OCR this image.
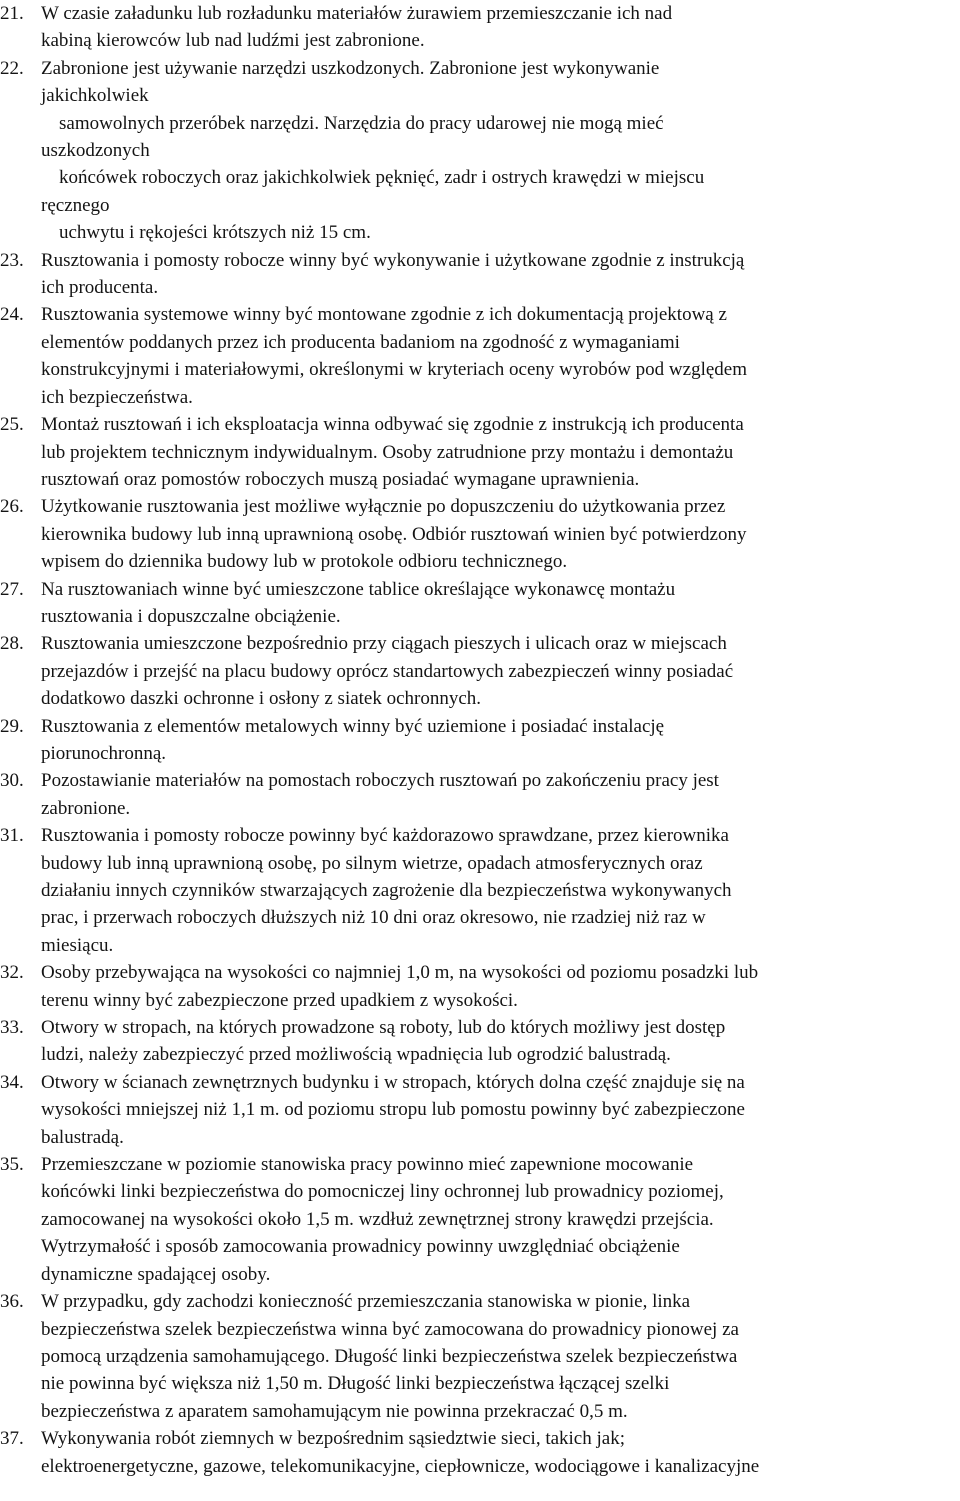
21. W czasie załadunku lub rozładunku materiałów żurawiem przemieszczanie ich nad
kabiną kierowców lub nad ludźmi jest zabronione.
22. Zabronione jest używanie narzędzi uszkodzonych. Zabronione jest wykonywanie
jakichkolwiek
samowolnych przeróbek narzędzi. Narzędzia do pracy udarowej nie mogą mieć
uszkodzonych
końcówek roboczych oraz jakichkolwiek pęknięć, zadr i ostrych krawędzi w miejscu
ręcznego
uchwytu i rękojeści krótszych niż 15 cm.
23. Rusztowania i pomosty robocze winny być wykonywanie i użytkowane zgodnie z instrukcją
ich producenta.
24. Rusztowania systemowe winny być montowane zgodnie z ich dokumentacją projektową z
elementów poddanych przez ich producenta badaniom na zgodność z wymaganiami
konstrukcyjnymi i materiałowymi, określonymi w kryteriach oceny wyrobów pod względem
ich bezpieczeństwa.
25. Montaż rusztowań i ich eksploatacja winna odbywać się zgodnie z instrukcją ich producenta
lub projektem technicznym indywidualnym. Osoby zatrudnione przy montażu i demontażu
rusztowań oraz pomostów roboczych muszą posiadać wymagane uprawnienia.
26. Użytkowanie rusztowania jest możliwe wyłącznie po dopuszczeniu do użytkowania przez
kierownika budowy lub inną uprawnioną osobę. Odbiór rusztowań winien być potwierdzony
wpisem do dziennika budowy lub w protokole odbioru technicznego.
27. Na rusztowaniach winne być umieszczone tablice określające wykonawcę montażu
rusztowania i dopuszczalne obciążenie.
28. Rusztowania umieszczone bezpośrednio przy ciągach pieszych i ulicach oraz w miejscach
przejazdów i przejść na placu budowy oprócz standartowych zabezpieczeń winny posiadać
dodatkowo daszki ochronne i osłony z siatek ochronnych.
29. Rusztowania z elementów metalowych winny być uziemione i posiadać instalację
piorunochronną.
30. Pozostawianie materiałów na pomostach roboczych rusztowań po zakończeniu pracy jest
zabronione.
31. Rusztowania i pomosty robocze powinny być każdorazowo sprawdzane, przez kierownika
budowy lub inną uprawnioną osobę, po silnym wietrze, opadach atmosferycznych oraz
działaniu innych czynników stwarzających zagrożenie dla bezpieczeństwa wykonywanych
prac, i przerwach roboczych dłuższych niż 10 dni oraz okresowo, nie rzadziej niż raz w
miesiącu.
32. Osoby przebywająca na wysokości co najmniej 1,0 m, na wysokości od poziomu posadzki lub
terenu winny być zabezpieczone przed upadkiem z wysokości.
33. Otwory w stropach, na których prowadzone są roboty, lub do których możliwy jest dostęp
ludzi, należy zabezpieczyć przed możliwością wpadnięcia lub ogrodzić balustradą.
34. Otwory w ścianach zewnętrznych budynku i w stropach, których dolna część znajduje się na
wysokości mniejszej niż 1,1 m. od poziomu stropu lub pomostu powinny być zabezpieczone
balustradą.
35. Przemieszczane w poziomie stanowiska pracy powinno mieć zapewnione mocowanie
końcówki linki bezpieczeństwa do pomocniczej liny ochronnej lub prowadnicy poziomej,
zamocowanej na wysokości około 1,5 m. wzdłuż zewnętrznej strony krawędzi przejścia.
Wytrzymałość i sposób zamocowania prowadnicy powinny uwzględniać obciążenie
dynamiczne spadającej osoby.
36. W przypadku, gdy zachodzi konieczność przemieszczania stanowiska w pionie, linka
bezpieczeństwa szelek bezpieczeństwa winna być zamocowana do prowadnicy pionowej za
pomocą urządzenia samohamującego. Długość linki bezpieczeństwa szelek bezpieczeństwa
nie powinna być większa niż 1,50 m. Długość linki bezpieczeństwa łączącej szelki
bezpieczeństwa z aparatem samohamującym nie powinna przekraczać 0,5 m.
37. Wykonywania robót ziemnych w bezpośrednim sąsiedztwie sieci, takich jak;
elektroenergetyczne, gazowe, telekomunikacyjne, ciepłownicze, wodociągowe i kanalizacyjne
